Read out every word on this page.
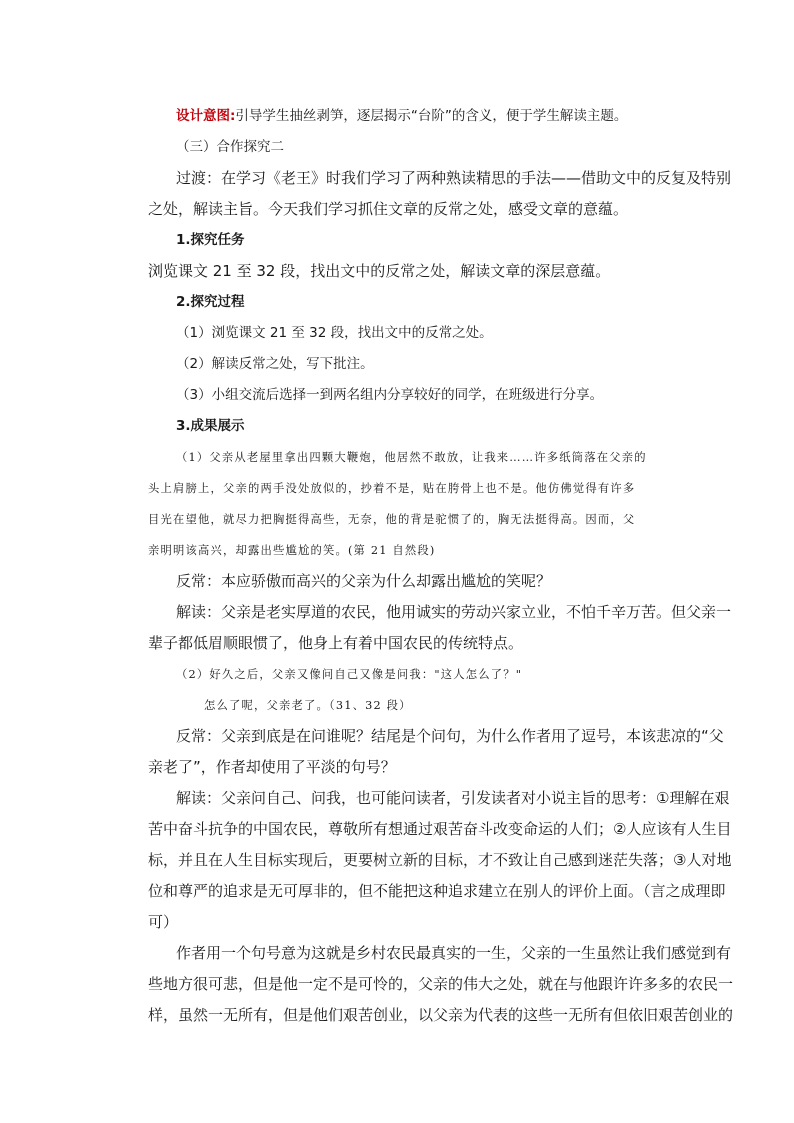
设计意图:引导学生抽丝剥笋，逐层揭示“台阶”的含义，便于学生解读主题。

（三）合作探究二

过渡：在学习《老王》时我们学习了两种熟读精思的手法——借助文中的反复及特别

之处，解读主旨。今天我们学习抓住文章的反常之处，感受文章的意蕴。

1.探究任务

浏览课文 21 至 32 段，找出文中的反常之处，解读文章的深层意蕴。

2.探究过程

（1）浏览课文 21 至 32 段，找出文中的反常之处。

（2）解读反常之处，写下批注。

（3）小组交流后选择一到两名组内分享较好的同学，在班级进行分享。

3.成果展示

（1）父亲从老屋里拿出四颗大鞭炮，他居然不敢放，让我来……许多纸筒落在父亲的

头上肩膀上，父亲的两手没处放似的，抄着不是，贴在胯骨上也不是。他仿佛觉得有许多

目光在望他，就尽力把胸挺得高些，无奈，他的背是驼惯了的，胸无法挺得高。因而，父

亲明明该高兴，却露出些尴尬的笑。(第 21 自然段)

反常：本应骄傲而高兴的父亲为什么却露出尴尬的笑呢？

解读：父亲是老实厚道的农民，他用诚实的劳动兴家立业，不怕千辛万苦。但父亲一

辈子都低眉顺眼惯了，他身上有着中国农民的传统特点。

（2）好久之后，父亲又像问自己又像是问我："这人怎么了？"

怎么了呢，父亲老了。（31、32 段）

反常：父亲到底是在问谁呢？结尾是个问句，为什么作者用了逗号，本该悲凉的“父

亲老了”，作者却使用了平淡的句号？

解读：父亲问自己、问我，也可能问读者，引发读者对小说主旨的思考：①理解在艰

苦中奋斗抗争的中国农民，尊敬所有想通过艰苦奋斗改变命运的人们；②人应该有人生目

标，并且在人生目标实现后，更要树立新的目标，才不致让自己感到迷茫失落；③人对地

位和尊严的追求是无可厚非的，但不能把这种追求建立在别人的评价上面。（言之成理即

可）

作者用一个句号意为这就是乡村农民最真实的一生，父亲的一生虽然让我们感觉到有

些地方很可悲，但是他一定不是可怜的，父亲的伟大之处，就在与他跟许许多多的农民一

样，虽然一无所有，但是他们艰苦创业，以父亲为代表的这些一无所有但依旧艰苦创业的
